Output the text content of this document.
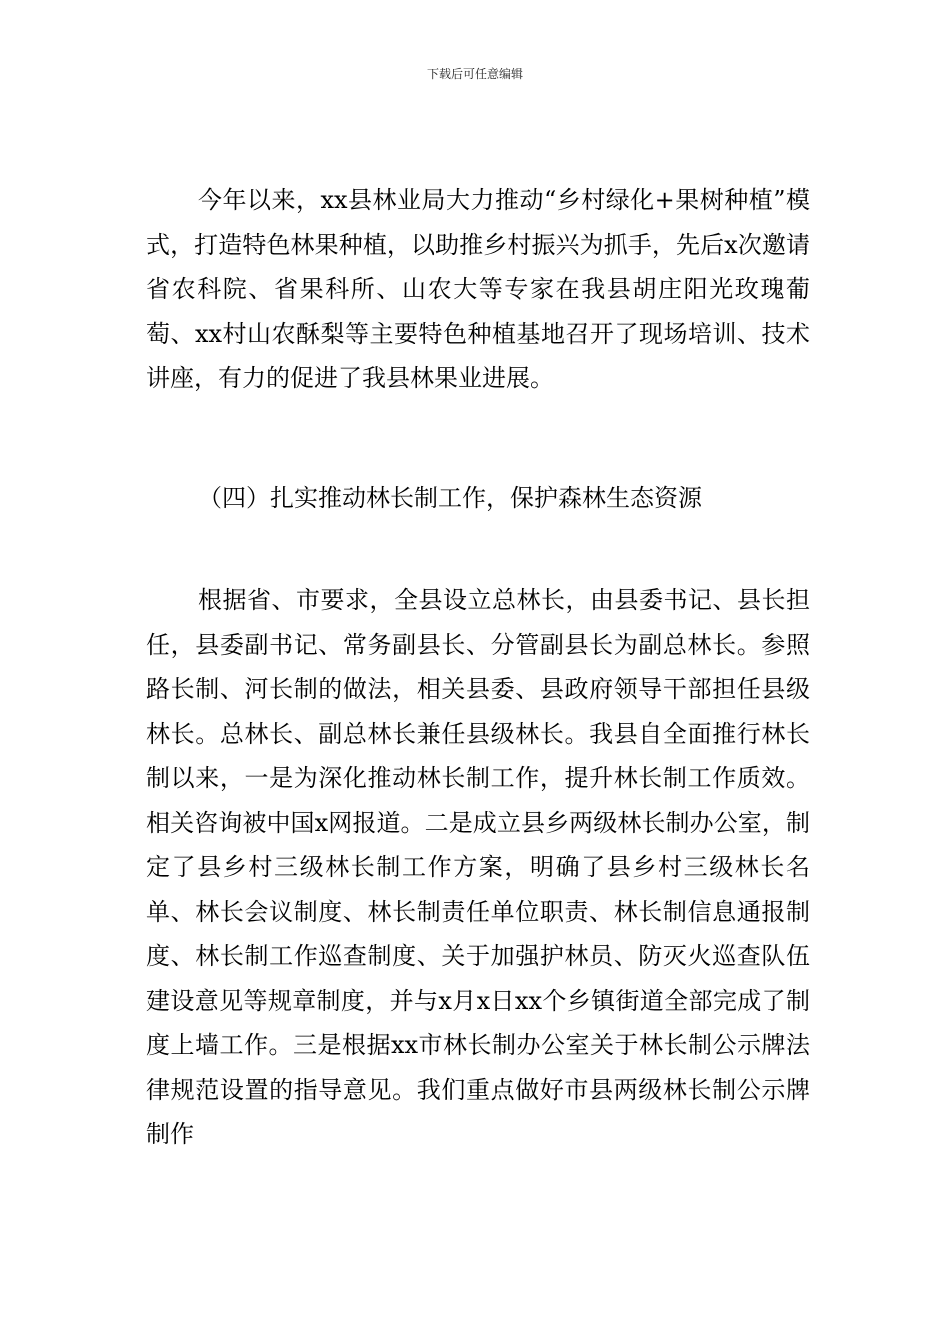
下载后可任意编辑

今年以来，xx县林业局大力推动“乡村绿化+果树种植”模式，打造特色林果种植，以助推乡村振兴为抓手，先后x次邀请省农科院、省果科所、山农大等专家在我县胡庄阳光玫瑰葡萄、xx村山农酥梨等主要特色种植基地召开了现场培训、技术讲座，有力的促进了我县林果业进展。

（四）扎实推动林长制工作，保护森林生态资源

根据省、市要求，全县设立总林长，由县委书记、县长担任，县委副书记、常务副县长、分管副县长为副总林长。参照路长制、河长制的做法，相关县委、县政府领导干部担任县级林长。总林长、副总林长兼任县级林长。我县自全面推行林长制以来，一是为深化推动林长制工作，提升林长制工作质效。相关咨询被中国x网报道。二是成立县乡两级林长制办公室，制定了县乡村三级林长制工作方案，明确了县乡村三级林长名单、林长会议制度、林长制责任单位职责、林长制信息通报制度、林长制工作巡查制度、关于加强护林员、防灭火巡查队伍建设意见等规章制度，并与x月x日xx个乡镇街道全部完成了制度上墙工作。三是根据xx市林长制办公室关于林长制公示牌法律规范设置的指导意见。我们重点做好市县两级林长制公示牌制作
